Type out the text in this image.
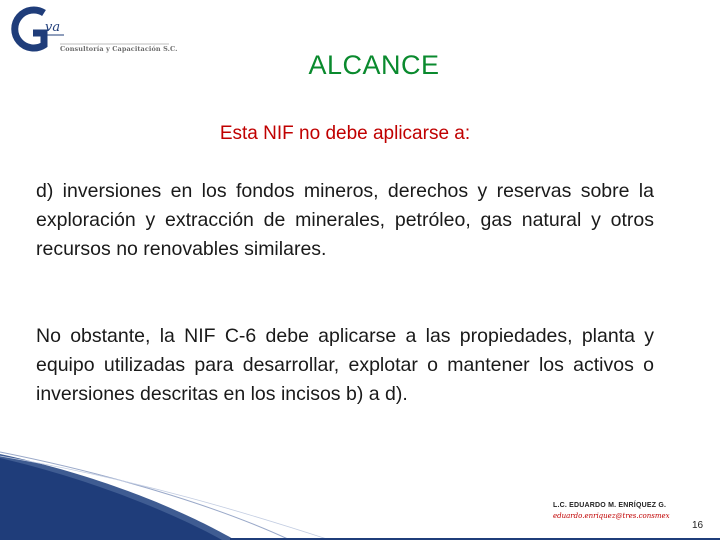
va
Consultoría y Capacitación S.C.
ALCANCE
Esta NIF no debe aplicarse a:

d) inversiones en los fondos mineros, derechos y reservas sobre la exploración y extracción de minerales, petróleo, gas natural y otros recursos no renovables similares.

No obstante, la NIF C-6 debe aplicarse a las propiedades, planta y equipo utilizadas para desarrollar, explotar o mantener los activos o inversiones descritas en los incisos b) a d).

L.C. EDUARDO M. ENRÍQUEZ G.
eduardo.enriquez@tres.consmex
16
